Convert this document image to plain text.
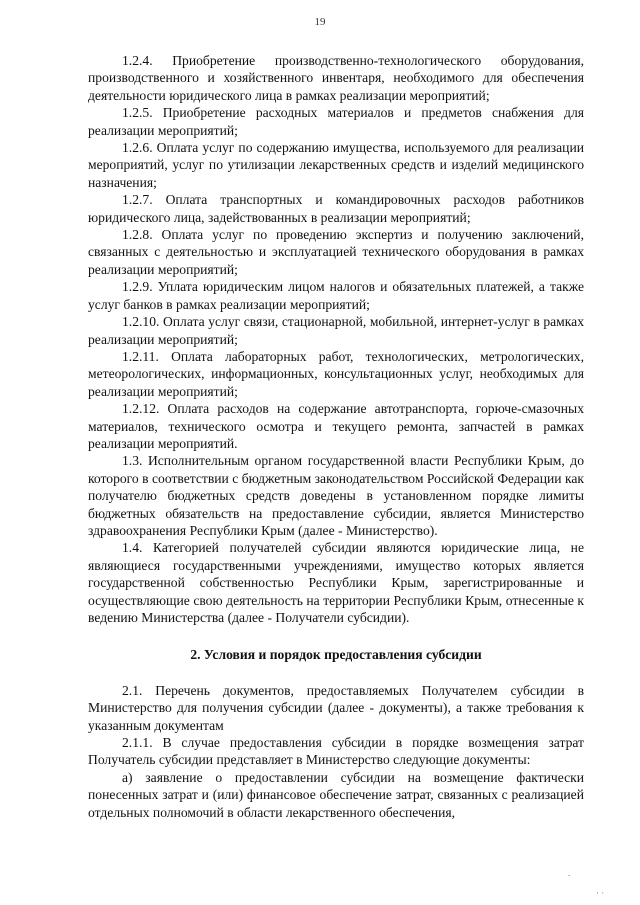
19

1.2.4. Приобретение производственно-технологического оборудования, производственного и хозяйственного инвентаря, необходимого для обеспечения деятельности юридического лица в рамках реализации мероприятий;

1.2.5. Приобретение расходных материалов и предметов снабжения для реализации мероприятий;

1.2.6. Оплата услуг по содержанию имущества, используемого для реализации мероприятий, услуг по утилизации лекарственных средств и изделий медицинского назначения;

1.2.7. Оплата транспортных и командировочных расходов работников юридического лица, задействованных в реализации мероприятий;

1.2.8. Оплата услуг по проведению экспертиз и получению заключений, связанных с деятельностью и эксплуатацией технического оборудования в рамках реализации мероприятий;

1.2.9. Уплата юридическим лицом налогов и обязательных платежей, а также услуг банков в рамках реализации мероприятий;

1.2.10. Оплата услуг связи, стационарной, мобильной, интернет-услуг в рамках реализации мероприятий;

1.2.11. Оплата лабораторных работ, технологических, метрологических, метеорологических, информационных, консультационных услуг, необходимых для реализации мероприятий;

1.2.12. Оплата расходов на содержание автотранспорта, горюче-смазочных материалов, технического осмотра и текущего ремонта, запчастей в рамках реализации мероприятий.

1.3. Исполнительным органом государственной власти Республики Крым, до которого в соответствии с бюджетным законодательством Российской Федерации как получателю бюджетных средств доведены в установленном порядке лимиты бюджетных обязательств на предоставление субсидии, является Министерство здравоохранения Республики Крым (далее - Министерство).

1.4. Категорией получателей субсидии являются юридические лица, не являющиеся государственными учреждениями, имущество которых является государственной собственностью Республики Крым, зарегистрированные и осуществляющие свою деятельность на территории Республики Крым, отнесенные к ведению Министерства (далее - Получатели субсидии).

2. Условия и порядок предоставления субсидии

2.1. Перечень документов, предоставляемых Получателем субсидии в Министерство для получения субсидии (далее - документы), а также требования к указанным документам

2.1.1. В случае предоставления субсидии в порядке возмещения затрат Получатель субсидии представляет в Министерство следующие документы:

а) заявление о предоставлении субсидии на возмещение фактически понесенных затрат и (или) финансовое обеспечение затрат, связанных с реализацией отдельных полномочий в области лекарственного обеспечения,

.
· ·
